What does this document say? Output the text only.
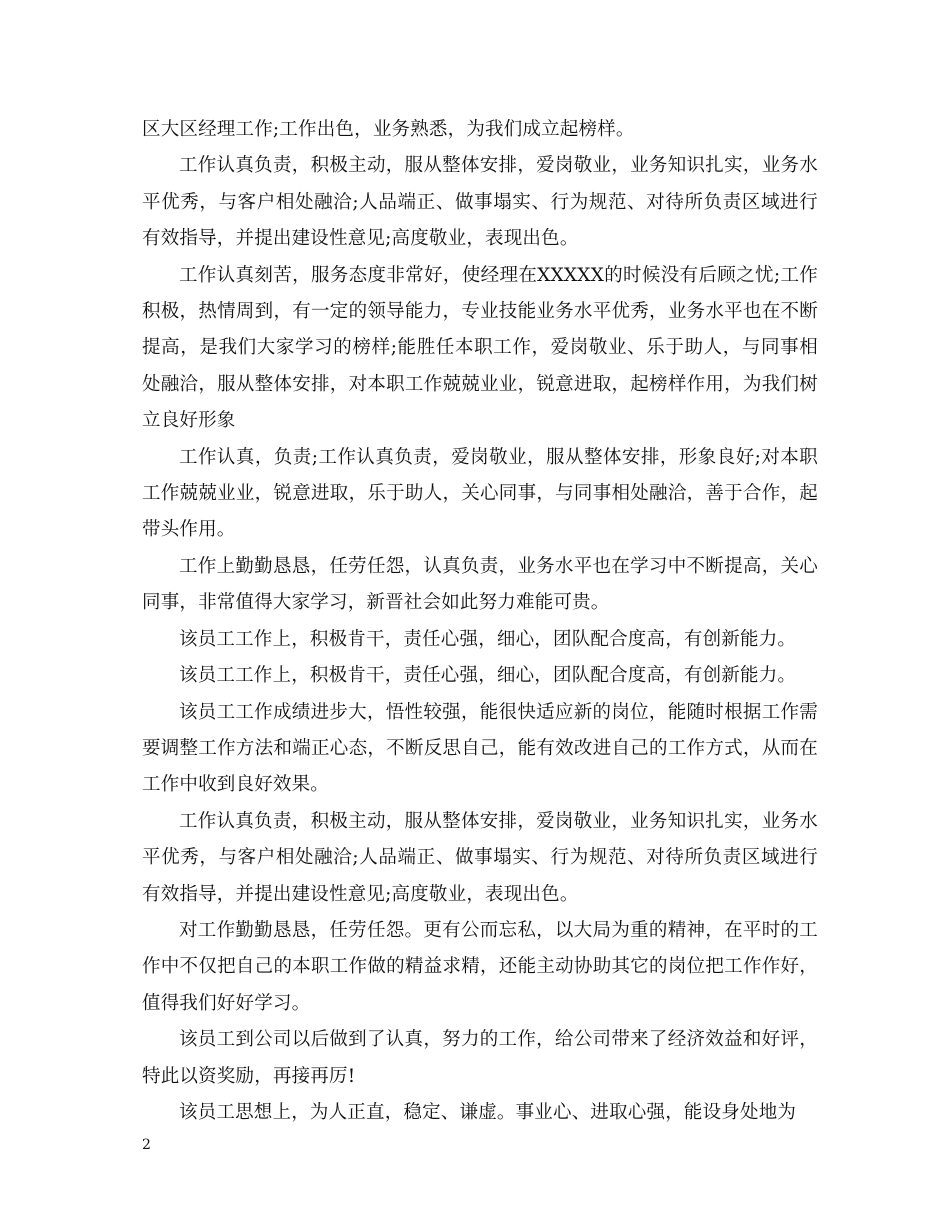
区大区经理工作;工作出色，业务熟悉，为我们成立起榜样。

工作认真负责，积极主动，服从整体安排，爱岗敬业，业务知识扎实，业务水平优秀，与客户相处融洽;人品端正、做事塌实、行为规范、对待所负责区域进行有效指导，并提出建设性意见;高度敬业，表现出色。

工作认真刻苦，服务态度非常好，使经理在XXXXX的时候没有后顾之忧;工作积极，热情周到，有一定的领导能力，专业技能业务水平优秀，业务水平也在不断提高，是我们大家学习的榜样;能胜任本职工作，爱岗敬业、乐于助人，与同事相处融洽，服从整体安排，对本职工作兢兢业业，锐意进取，起榜样作用，为我们树立良好形象

工作认真，负责;工作认真负责，爱岗敬业，服从整体安排，形象良好;对本职工作兢兢业业，锐意进取，乐于助人，关心同事，与同事相处融洽，善于合作，起带头作用。

工作上勤勤恳恳，任劳任怨，认真负责，业务水平也在学习中不断提高，关心同事，非常值得大家学习，新晋社会如此努力难能可贵。

该员工工作上，积极肯干，责任心强，细心，团队配合度高，有创新能力。

该员工工作上，积极肯干，责任心强，细心，团队配合度高，有创新能力。

该员工工作成绩进步大，悟性较强，能很快适应新的岗位，能随时根据工作需要调整工作方法和端正心态，不断反思自己，能有效改进自己的工作方式，从而在工作中收到良好效果。

工作认真负责，积极主动，服从整体安排，爱岗敬业，业务知识扎实，业务水平优秀，与客户相处融洽;人品端正、做事塌实、行为规范、对待所负责区域进行有效指导，并提出建设性意见;高度敬业，表现出色。

对工作勤勤恳恳，任劳任怨。更有公而忘私，以大局为重的精神，在平时的工作中不仅把自己的本职工作做的精益求精，还能主动协助其它的岗位把工作作好，值得我们好好学习。

该员工到公司以后做到了认真，努力的工作，给公司带来了经济效益和好评，特此以资奖励，再接再厉!

该员工思想上，为人正直，稳定、谦虚。事业心、进取心强，能设身处地为

2
